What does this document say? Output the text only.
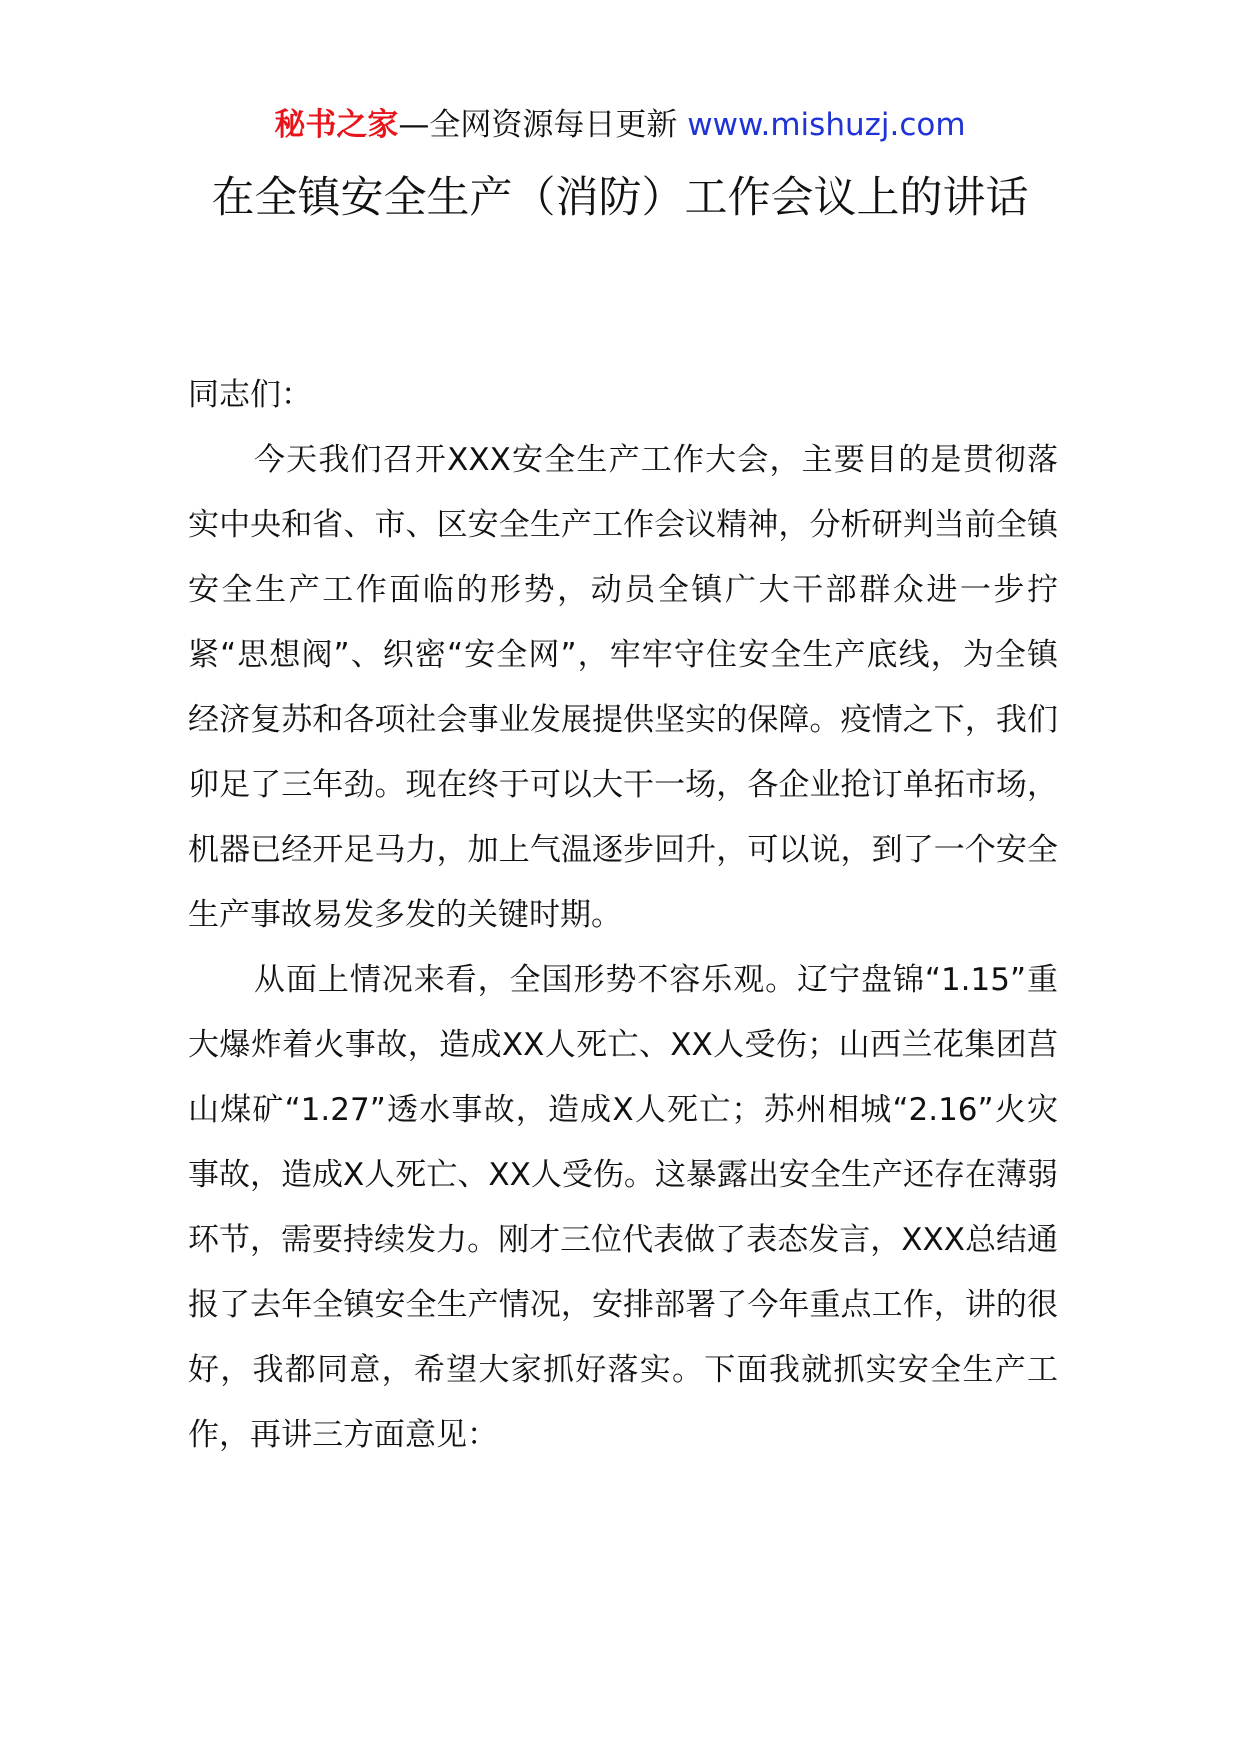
秘书之家—全网资源每日更新 www.mishuzj.com
在全镇安全生产（消防）工作会议上的讲话

同志们：

今天我们召开XXX安全生产工作大会，主要目的是贯彻落实中央和省、市、区安全生产工作会议精神，分析研判当前全镇安全生产工作面临的形势，动员全镇广大干部群众进一步拧紧“思想阀”、织密“安全网”，牢牢守住安全生产底线，为全镇经济复苏和各项社会事业发展提供坚实的保障。疫情之下，我们卯足了三年劲。现在终于可以大干一场，各企业抢订单拓市场，机器已经开足马力，加上气温逐步回升，可以说，到了一个安全生产事故易发多发的关键时期。

从面上情况来看，全国形势不容乐观。辽宁盘锦“1.15”重大爆炸着火事故，造成XX人死亡、XX人受伤；山西兰花集团莒山煤矿“1.27”透水事故，造成X人死亡；苏州相城“2.16”火灾事故，造成X人死亡、XX人受伤。这暴露出安全生产还存在薄弱环节，需要持续发力。刚才三位代表做了表态发言，XXX总结通报了去年全镇安全生产情况，安排部署了今年重点工作，讲的很好，我都同意，希望大家抓好落实。下面我就抓实安全生产工作，再讲三方面意见：
